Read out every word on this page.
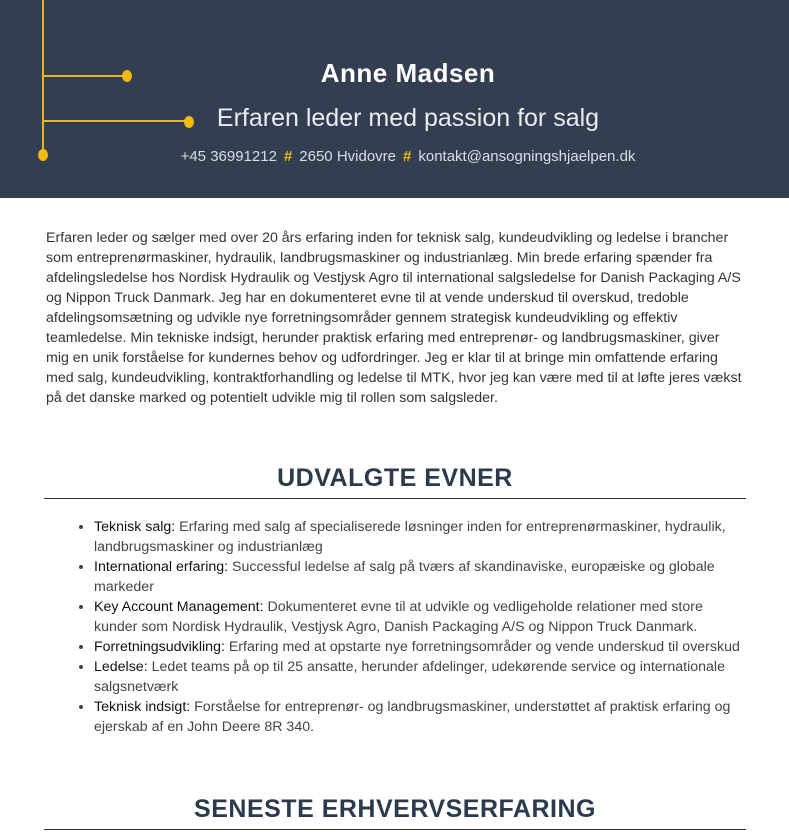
Anne Madsen
Erfaren leder med passion for salg
+45 36991212 # 2650 Hvidovre # kontakt@ansogningshjaelpen.dk
Erfaren leder og sælger med over 20 års erfaring inden for teknisk salg, kundeudvikling og ledelse i brancher som entreprenørmaskiner, hydraulik, landbrugsmaskiner og industrianlæg. Min brede erfaring spænder fra afdelingsledelse hos Nordisk Hydraulik og Vestjysk Agro til international salgsledelse for Danish Packaging A/S og Nippon Truck Danmark. Jeg har en dokumenteret evne til at vende underskud til overskud, tredoble afdelingsomsætning og udvikle nye forretningsområder gennem strategisk kundeudvikling og effektiv teamledelse. Min tekniske indsigt, herunder praktisk erfaring med entreprenør- og landbrugsmaskiner, giver mig en unik forståelse for kundernes behov og udfordringer. Jeg er klar til at bringe min omfattende erfaring med salg, kundeudvikling, kontraktforhandling og ledelse til MTK, hvor jeg kan være med til at løfte jeres vækst på det danske marked og potentielt udvikle mig til rollen som salgsleder.
UDVALGTE EVNER
• Teknisk salg: Erfaring med salg af specialiserede løsninger inden for entreprenørmaskiner, hydraulik, landbrugsmaskiner og industrianlæg
• International erfaring: Successful ledelse af salg på tværs af skandinaviske, europæiske og globale markeder
• Key Account Management: Dokumenteret evne til at udvikle og vedligeholde relationer med store kunder som Nordisk Hydraulik, Vestjysk Agro, Danish Packaging A/S og Nippon Truck Danmark.
• Forretningsudvikling: Erfaring med at opstarte nye forretningsområder og vende underskud til overskud
• Ledelse: Ledet teams på op til 25 ansatte, herunder afdelinger, udekørende service og internationale salgsnetværk
• Teknisk indsigt: Forståelse for entreprenør- og landbrugsmaskiner, understøttet af praktisk erfaring og ejerskab af en John Deere 8R 340.
SENESTE ERHVERVSERFARING
